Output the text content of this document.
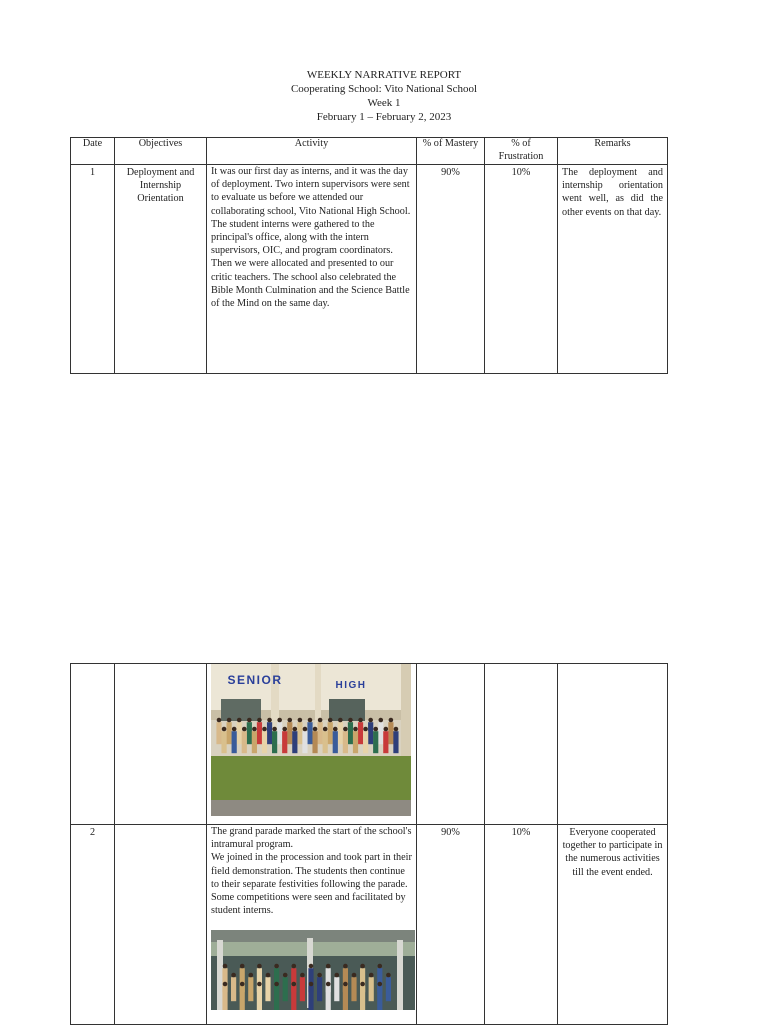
WEEKLY NARRATIVE REPORT
Cooperating School: Vito National School
Week 1
February 1 – February 2, 2023
Date	Objectives	Activity	% of Mastery	% of Frustration	Remarks
1	Deployment and Internship Orientation	It was our first day as interns, and it was the day of deployment. Two intern supervisors were sent to evaluate us before we attended our collaborating school, Vito National High School. The student interns were gathered to the principal's office, along with the intern supervisors, OIC, and program coordinators. Then we were allocated and presented to our critic teachers. The school also celebrated the Bible Month Culmination and the Science Battle of the Mind on the same day.	90%	10%	The deployment and internship orientation went well, as did the other events on that day.

SENIOR HIGH			

2		The grand parade marked the start of the school's intramural program.
We joined in the procession and took part in their field demonstration. The students then continue to their separate festivities following the parade. Some competitions were seen and facilitated by student interns.	90%	10%	Everyone cooperated together to participate in the numerous activities till the event ended.
